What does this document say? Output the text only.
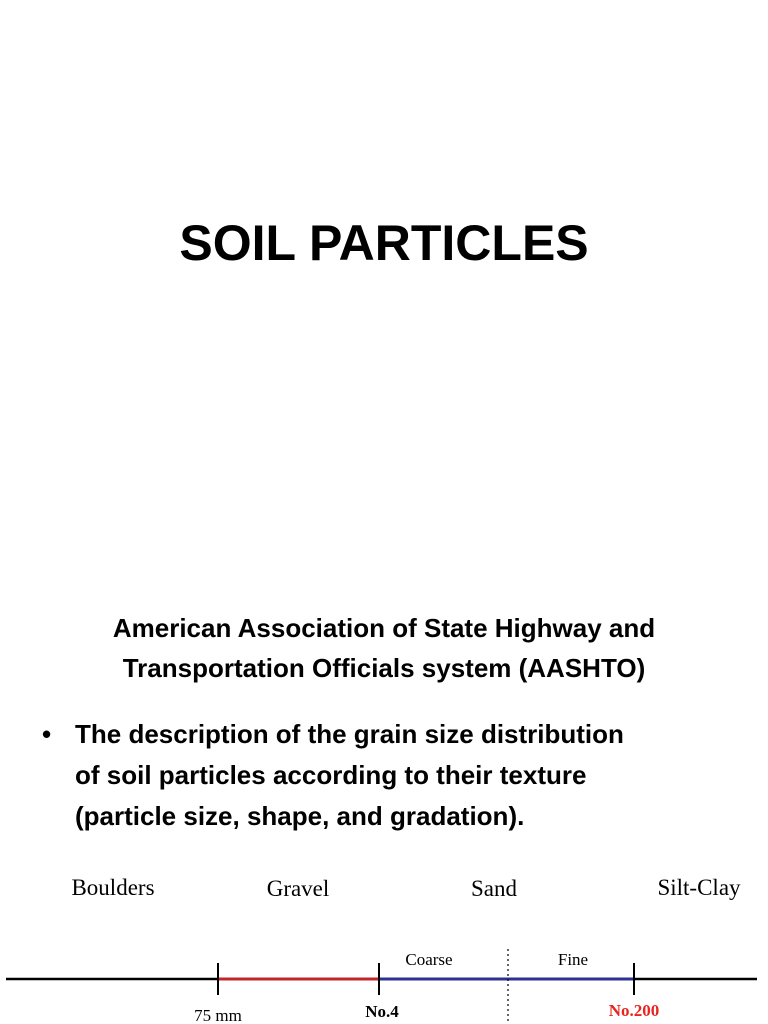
SOIL PARTICLES
American Association of State Highway and
Transportation Officials system (AASHTO)
• The description of the grain size distribution
of soil particles according to their texture
(particle size, shape, and gradation).
Boulders	Gravel	Sand	Silt-Clay
Coarse	Fine
75 mm	No.4	No.200
